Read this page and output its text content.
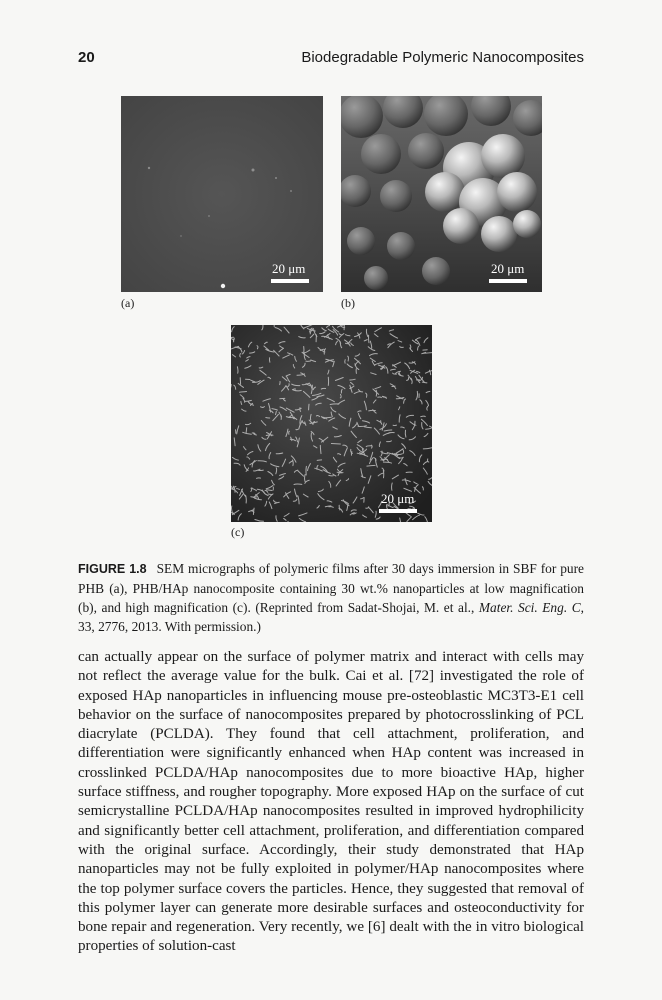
20	Biodegradable Polymeric Nanocomposites
20 μm
(a)
20 μm
(b)
20 μm
(c)
FIGURE 1.8 SEM micrographs of polymeric films after 30 days immersion in SBF for pure PHB (a), PHB/HAp nanocomposite containing 30 wt.% nanoparticles at low magnification (b), and high magnification (c). (Reprinted from Sadat-Shojai, M. et al., Mater. Sci. Eng. C, 33, 2776, 2013. With permission.)

can actually appear on the surface of polymer matrix and interact with cells may not reflect the average value for the bulk. Cai et al. [72] investigated the role of exposed HAp nanoparticles in influencing mouse pre-osteoblastic MC3T3-E1 cell behavior on the surface of nanocomposites prepared by photocrosslinking of PCL diacrylate (PCLDA). They found that cell attachment, proliferation, and differentiation were significantly enhanced when HAp content was increased in crosslinked PCLDA/HAp nanocomposites due to more bioactive HAp, higher surface stiffness, and rougher topography. More exposed HAp on the surface of cut semicrystalline PCLDA/HAp nanocomposites resulted in improved hydrophilicity and significantly better cell attachment, proliferation, and differentiation compared with the original surface. Accordingly, their study demonstrated that HAp nanoparticles may not be fully exploited in polymer/HAp nanocomposites where the top polymer surface covers the particles. Hence, they suggested that removal of this polymer layer can generate more desirable surfaces and osteoconductivity for bone repair and regeneration. Very recently, we [6] dealt with the in vitro biological properties of solution-cast
